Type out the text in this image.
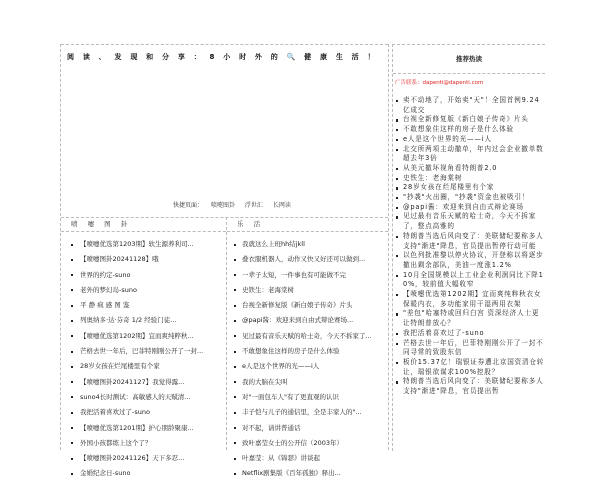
阅 读 、 发 现 和 分 享 ： 8 小 时 外 的 🔍 健 康 生 活 ！
快捷页面： 喷嚏图卦 浮世汇 长网读
喷 嚏 图 卦
【喷嚏优选第1203期】软生源养利司...
【喷嚏图卦20241128】哦
世界的约定-suno
老外的梦幻岛-suno
平 静 疯 感 图 鉴
列奥纳多·达·芬奇 1/2 经验门徒...
【喷嚏优选第1202期】宜而爽纯粹秋...
芒格去世一年后，巴菲特刚刚公开了一封...
28岁女孩在烂尾楼里有个家
【喷嚏图卦20241127】我觉得露...
suno4长时测试：高敏感人的天赋清...
我把活着喜欢过了-suno
【喷嚏优选第1201期】护心朋龄聚康...
外国小孩都练上这个了？
【喷嚏图卦20241126】天下多忍...
金婚纪念日-suno
乐 活
我就这么上班hh结jkll
叠衣服机器人，动作又快又好还可以做到...
一辈子太短，一件事也有可能做不完
史铁生：老海棠树
台视全新修复版《新白娘子传奇》片头
@papi酱：欢迎来到自由式辩论赛场...
见过最有音乐天赋的哈士奇，今天不拆家了...
不敢想象住这样的房子是什么体验
e人是这个世界的光——i人
我的大脑在尖叫
对"一面包车人"有了更直观的认识
丰子恺与儿子的通信里，全是丰家人的"...
对不起，请讲普通话
致叶嘉莹女士的公开信（2003年）
叶嘉莹：从《锦瑟》讲谈起
Netflix剧集版《百年孤独》释出...
推荐热读
广告联系：dapenti@dapenti.com
卖不动地了，开始卖"天"！全国首例9.24亿成交
台视全新修复版《新白娘子传奇》片头
不敢想象住这样的房子是什么体验
e人是这个世界的光——i人
北交所两项主动撤单，年内过会企业撤单数超去年3倍
从美元撤环视角看特朗普2.0
史铁生：老海棠树
28岁女孩在烂尾楼里有个家
"抄袭"火出圈，"抄袭"资金也被吸引！
@papi酱：欢迎来到自由式辩论赛场
见过最有音乐天赋的哈士奇，今天不拆家了，整点高雅的
特朗普当选后风向变了：美联储纪要称多人支持"渐进"降息，官员提出暂停行动可能
以色列批准黎以停火协议，开登称以将逐步撤出剩余部队，美油一度涨1.2%
10月全国规模以上工业企业利润同比下降10%，较前值大幅收窄
【喷嚏优选第1202期】宜而爽纯粹秋衣女保暖内衣，多功能家用干湿两用衣架
"差包"哈塞特或回归白宫 资深经济人士更让特朗普放心？
我把活着喜欢过了-suno
芒格去世一年后，巴菲特刚刚公开了一封不同寻常的致股东信
板价15.37亿！瑞银证券遭北京国资清仓转让，瑞银欲谋求100%控股？
特朗普当选后风向变了：美联储纪要称多人支持"渐进"降息，官员提出暂
